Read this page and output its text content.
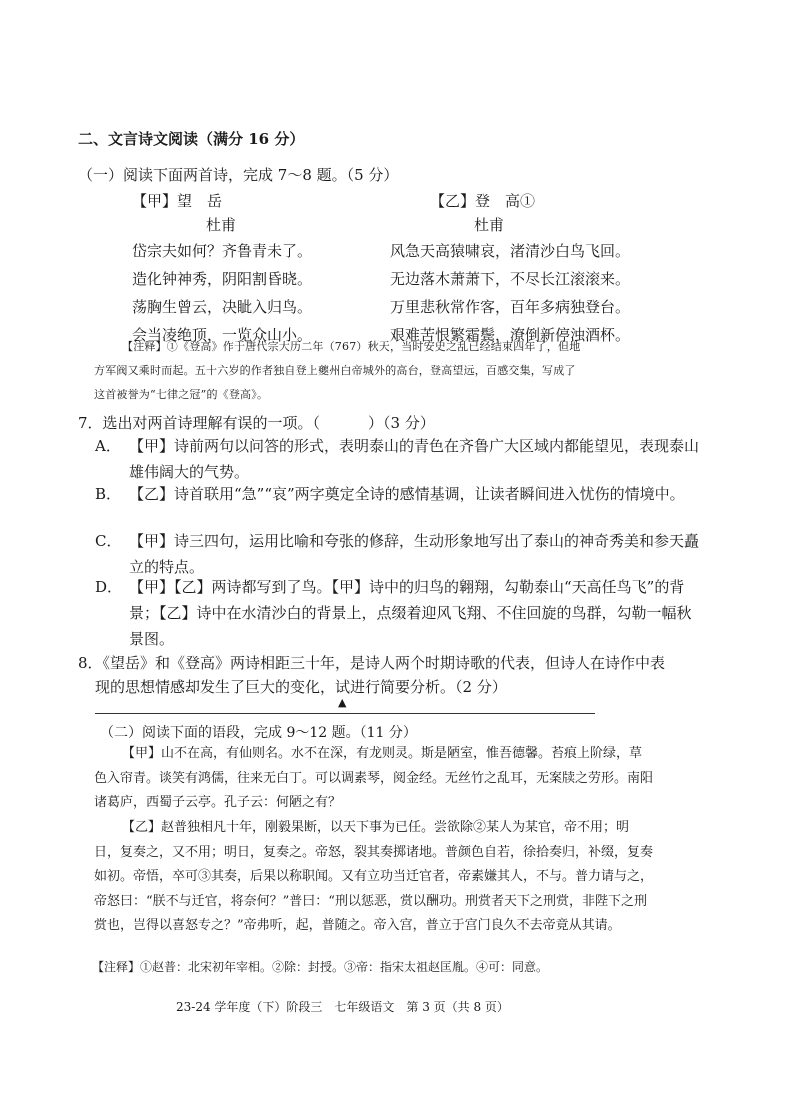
二、文言诗文阅读（满分 16 分）
（一）阅读下面两首诗，完成 7～8 题。（5 分）
【甲】望　岳
杜甫
岱宗夫如何？齐鲁青未了。
造化钟神秀，阴阳割昏晓。
荡胸生曾云，决眦入归鸟。
会当凌绝顶，一览众山小。
【乙】登　高①
杜甫
风急天高猿啸哀，渚清沙白鸟飞回。
无边落木萧萧下，不尽长江滚滚来。
万里悲秋常作客，百年多病独登台。
艰难苦恨繁霜鬓，潦倒新停浊酒杯。
【注释】①《登高》作于唐代宗大历二年（767）秋天，当时安史之乱已经结束四年了，但地
方军阀又乘时而起。五十六岁的作者独自登上夔州白帝城外的高台，登高望远，百感交集，写成了
这首被誉为“七律之冠”的《登高》。
7．选出对两首诗理解有误的一项。（	）（3 分）
A． 【甲】诗前两句以问答的形式，表明泰山的青色在齐鲁广大区域内都能望见，表现泰山雄伟阔大的气势。
B． 【乙】诗首联用“急”“哀”两字奠定全诗的感情基调，让读者瞬间进入忧伤的情境中。
C． 【甲】诗三四句，运用比喻和夸张的修辞，生动形象地写出了泰山的神奇秀美和参天矗立的特点。
D． 【甲】【乙】两诗都写到了鸟。【甲】诗中的归鸟的翱翔，勾勒泰山“天高任鸟飞”的背景；【乙】诗中在水清沙白的背景上，点缀着迎风飞翔、不住回旋的鸟群，勾勒一幅秋景图。
8．《望岳》和《登高》两诗相距三十年，是诗人两个时期诗歌的代表，但诗人在诗作中表
现的思想情感却发生了巨大的变化，试进行简要分析。（2 分）
▲
（二）阅读下面的语段，完成 9～12 题。（11 分）
【甲】山不在高，有仙则名。水不在深，有龙则灵。斯是陋室，惟吾德馨。苔痕上阶绿，草色入帘青。谈笑有鸿儒，往来无白丁。可以调素琴，阅金经。无丝竹之乱耳，无案牍之劳形。南阳诸葛庐，西蜀子云亭。孔子云：何陋之有？
【乙】赵普独相凡十年，刚毅果断，以天下事为已任。尝欲除②某人为某官，帝不用；明日，复奏之，又不用；明日，复奏之。帝怒，裂其奏掷诸地。普颜色自若，徐拾奏归，补缀，复奏如初。帝悟，卒可③其奏，后果以称职闻。又有立功当迁官者，帝素嫌其人，不与。普力请与之，帝怒曰：“朕不与迁官，将奈何？”普曰：“刑以惩恶，赏以酬功。刑赏者天下之刑赏，非陛下之刑赏也，岂得以喜怒专之？”帝弗听，起，普随之。帝入宫，普立于宫门良久不去帝竟从其请。
【注释】①赵普：北宋初年宰相。②除：封授。③帝：指宋太祖赵匡胤。④可：同意。
23-24 学年度（下）阶段三　七年级语文　第 3 页（共 8 页）
